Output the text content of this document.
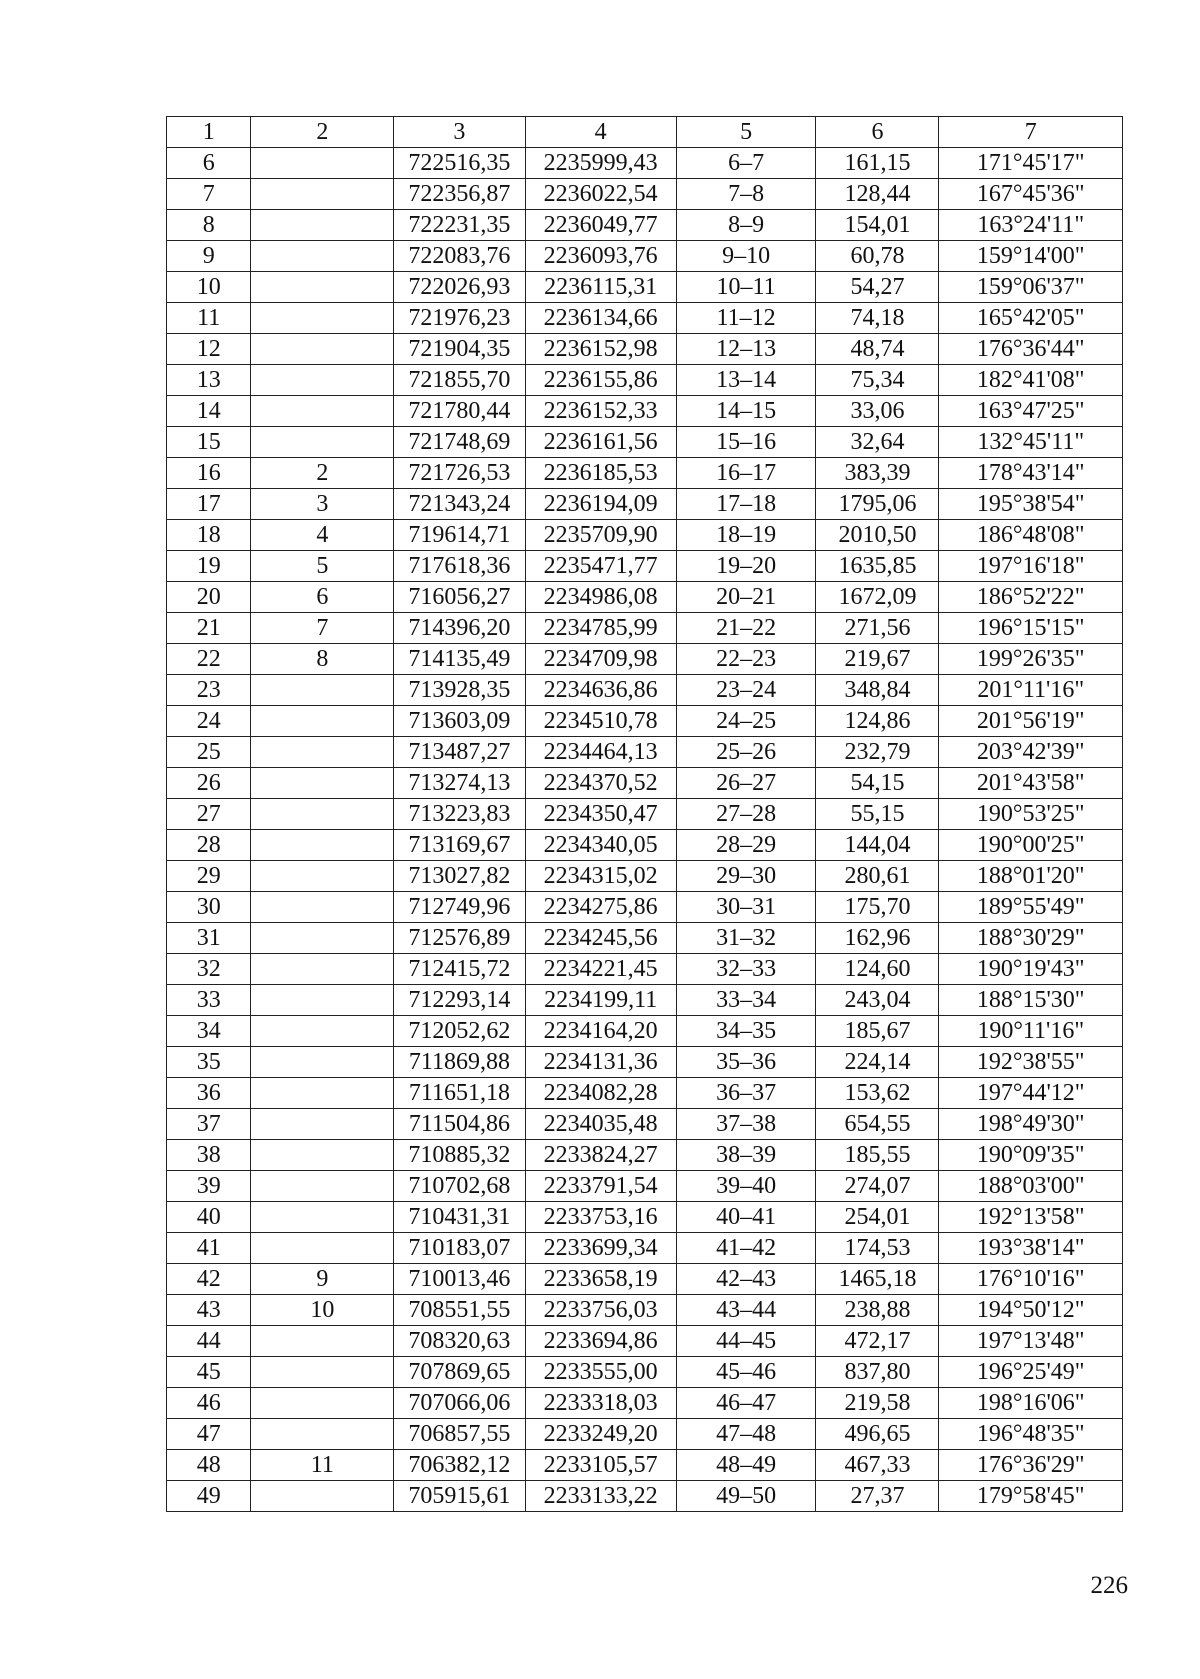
1	2	3	4	5	6	7
6		722516,35	2235999,43	6–7	161,15	171°45'17"
7		722356,87	2236022,54	7–8	128,44	167°45'36"
8		722231,35	2236049,77	8–9	154,01	163°24'11"
9		722083,76	2236093,76	9–10	60,78	159°14'00"
10		722026,93	2236115,31	10–11	54,27	159°06'37"
11		721976,23	2236134,66	11–12	74,18	165°42'05"
12		721904,35	2236152,98	12–13	48,74	176°36'44"
13		721855,70	2236155,86	13–14	75,34	182°41'08"
14		721780,44	2236152,33	14–15	33,06	163°47'25"
15		721748,69	2236161,56	15–16	32,64	132°45'11"
16	2	721726,53	2236185,53	16–17	383,39	178°43'14"
17	3	721343,24	2236194,09	17–18	1795,06	195°38'54"
18	4	719614,71	2235709,90	18–19	2010,50	186°48'08"
19	5	717618,36	2235471,77	19–20	1635,85	197°16'18"
20	6	716056,27	2234986,08	20–21	1672,09	186°52'22"
21	7	714396,20	2234785,99	21–22	271,56	196°15'15"
22	8	714135,49	2234709,98	22–23	219,67	199°26'35"
23		713928,35	2234636,86	23–24	348,84	201°11'16"
24		713603,09	2234510,78	24–25	124,86	201°56'19"
25		713487,27	2234464,13	25–26	232,79	203°42'39"
26		713274,13	2234370,52	26–27	54,15	201°43'58"
27		713223,83	2234350,47	27–28	55,15	190°53'25"
28		713169,67	2234340,05	28–29	144,04	190°00'25"
29		713027,82	2234315,02	29–30	280,61	188°01'20"
30		712749,96	2234275,86	30–31	175,70	189°55'49"
31		712576,89	2234245,56	31–32	162,96	188°30'29"
32		712415,72	2234221,45	32–33	124,60	190°19'43"
33		712293,14	2234199,11	33–34	243,04	188°15'30"
34		712052,62	2234164,20	34–35	185,67	190°11'16"
35		711869,88	2234131,36	35–36	224,14	192°38'55"
36		711651,18	2234082,28	36–37	153,62	197°44'12"
37		711504,86	2234035,48	37–38	654,55	198°49'30"
38		710885,32	2233824,27	38–39	185,55	190°09'35"
39		710702,68	2233791,54	39–40	274,07	188°03'00"
40		710431,31	2233753,16	40–41	254,01	192°13'58"
41		710183,07	2233699,34	41–42	174,53	193°38'14"
42	9	710013,46	2233658,19	42–43	1465,18	176°10'16"
43	10	708551,55	2233756,03	43–44	238,88	194°50'12"
44		708320,63	2233694,86	44–45	472,17	197°13'48"
45		707869,65	2233555,00	45–46	837,80	196°25'49"
46		707066,06	2233318,03	46–47	219,58	198°16'06"
47		706857,55	2233249,20	47–48	496,65	196°48'35"
48	11	706382,12	2233105,57	48–49	467,33	176°36'29"
49		705915,61	2233133,22	49–50	27,37	179°58'45"
226
